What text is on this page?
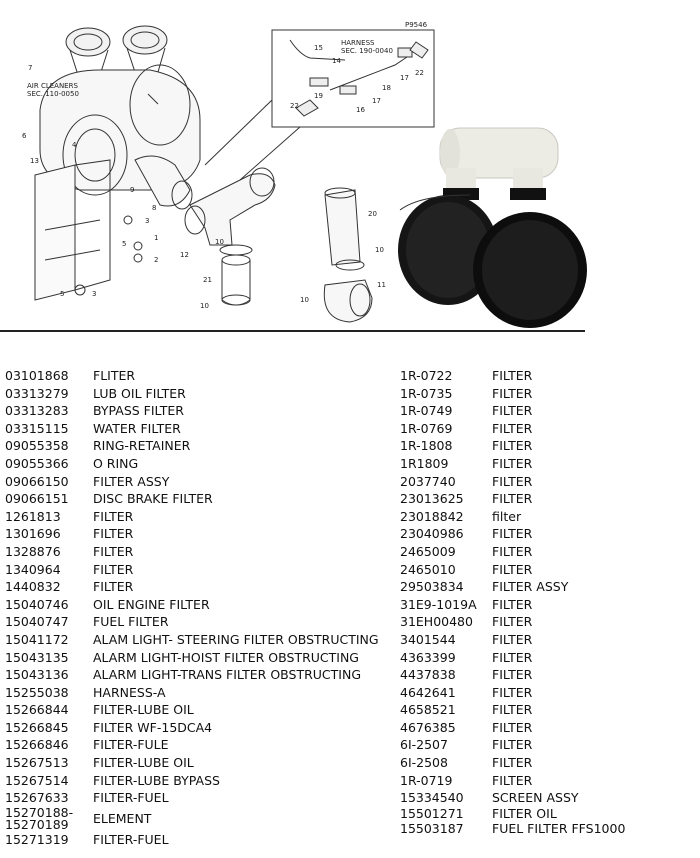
P9546
AIR CLEANERS
SEC. 110-0050
HARNESS
SEC. 190-0040
7
6
13
4
9
8
3
5
1
2
5	3
12
10
21
10
15
14
19
16
17
18
22
17
22
20
10
11
10
03101868 FLITER
03313279 LUB OIL FILTER
03313283 BYPASS FILTER
03315115 WATER FILTER
09055358 RING-RETAINER
09055366 O RING
09066150 FILTER ASSY
09066151 DISC BRAKE FILTER
1261813	FILTER
1301696	FILTER
1328876	FILTER
1340964	FILTER
1440832	FILTER
15040746 OIL ENGINE FILTER
15040747 FUEL FILTER
15041172 ALAM LIGHT- STEERING FILTER OBSTRUCTING
15043135 ALARM LIGHT-HOIST FILTER OBSTRUCTING
15043136 ALARM LIGHT-TRANS FILTER OBSTRUCTING
15255038 HARNESS-A
15266844 FILTER-LUBE OIL
15266845 FILTER WF-15DCA4
15266846 FILTER-FULE
15267513 FILTER-LUBE OIL
15267514 FILTER-LUBE BYPASS
15267633 FILTER-FUEL
15270188-
15270189 ELEMENT
15271319 FILTER-FUEL
1R-0722	FILTER
1R-0735	FILTER
1R-0749	FILTER
1R-0769	FILTER
1R-1808	FILTER
1R1809	FILTER
2037740	FILTER
23013625 FILTER
23018842 filter
23040986 FILTER
2465009	FILTER
2465010	FILTER
29503834 FILTER ASSY
31E9-1019A FILTER
31EH00480 FILTER
3401544	FILTER
4363399	FILTER
4437838	FILTER
4642641	FILTER
4658521	FILTER
4676385	FILTER
6I-2507	FILTER
6I-2508	FILTER
1R-0719	FILTER
15334540 SCREEN ASSY
15501271 FILTER OIL
15503187 FUEL FILTER FFS1000
